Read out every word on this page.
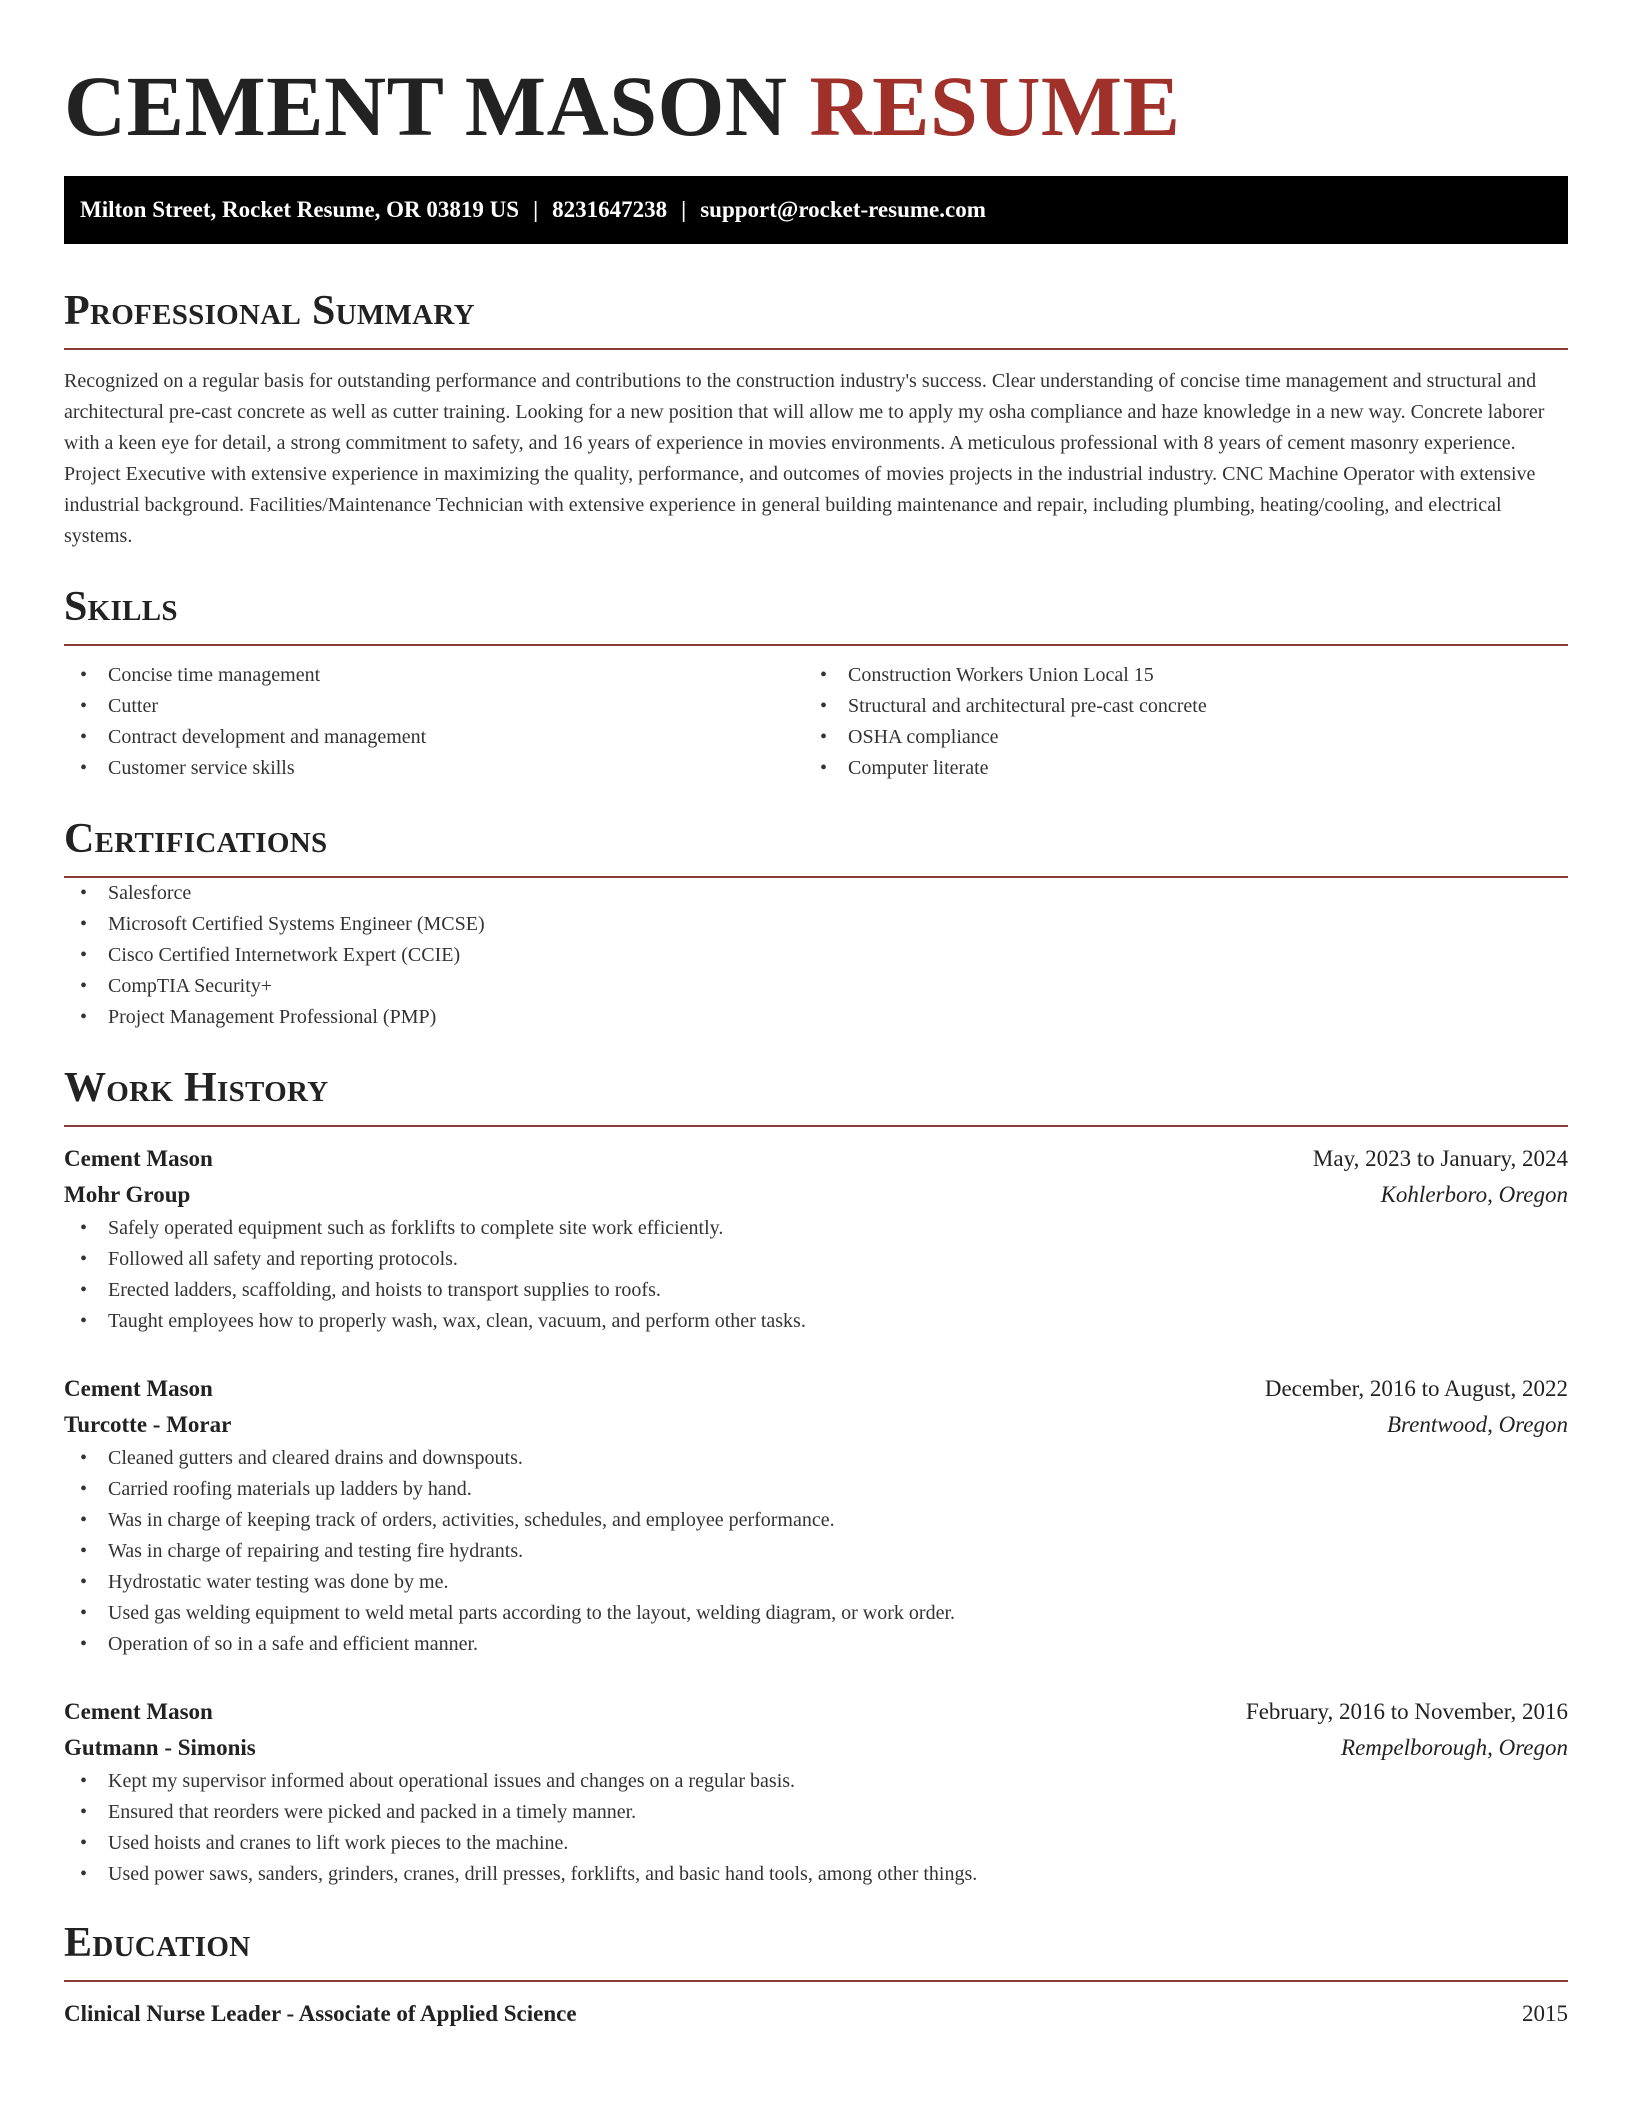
CEMENT MASON RESUME
Milton Street, Rocket Resume, OR 03819 US | 8231647238 | support@rocket-resume.com
Professional Summary

Recognized on a regular basis for outstanding performance and contributions to the construction industry's success. Clear understanding of concise time management and structural and architectural pre-cast concrete as well as cutter training. Looking for a new position that will allow me to apply my osha compliance and haze knowledge in a new way. Concrete laborer with a keen eye for detail, a strong commitment to safety, and 16 years of experience in movies environments. A meticulous professional with 8 years of cement masonry experience. Project Executive with extensive experience in maximizing the quality, performance, and outcomes of movies projects in the industrial industry. CNC Machine Operator with extensive industrial background. Facilities/Maintenance Technician with extensive experience in general building maintenance and repair, including plumbing, heating/cooling, and electrical systems.

Skills
• Concise time management
• Cutter
• Contract development and management
• Customer service skills
• Construction Workers Union Local 15
• Structural and architectural pre-cast concrete
• OSHA compliance
• Computer literate
Certifications
• Salesforce
• Microsoft Certified Systems Engineer (MCSE)
• Cisco Certified Internetwork Expert (CCIE)
• CompTIA Security+
• Project Management Professional (PMP)
Work History
Cement Mason	May, 2023 to January, 2024
Mohr Group	Kohlerboro, Oregon
• Safely operated equipment such as forklifts to complete site work efficiently.
• Followed all safety and reporting protocols.
• Erected ladders, scaffolding, and hoists to transport supplies to roofs.
• Taught employees how to properly wash, wax, clean, vacuum, and perform other tasks.
Cement Mason	December, 2016 to August, 2022
Turcotte - Morar	Brentwood, Oregon
• Cleaned gutters and cleared drains and downspouts.
• Carried roofing materials up ladders by hand.
• Was in charge of keeping track of orders, activities, schedules, and employee performance.
• Was in charge of repairing and testing fire hydrants.
• Hydrostatic water testing was done by me.
• Used gas welding equipment to weld metal parts according to the layout, welding diagram, or work order.
• Operation of so in a safe and efficient manner.
Cement Mason	February, 2016 to November, 2016
Gutmann - Simonis	Rempelborough, Oregon
• Kept my supervisor informed about operational issues and changes on a regular basis.
• Ensured that reorders were picked and packed in a timely manner.
• Used hoists and cranes to lift work pieces to the machine.
• Used power saws, sanders, grinders, cranes, drill presses, forklifts, and basic hand tools, among other things.
Education
Clinical Nurse Leader - Associate of Applied Science	2015
